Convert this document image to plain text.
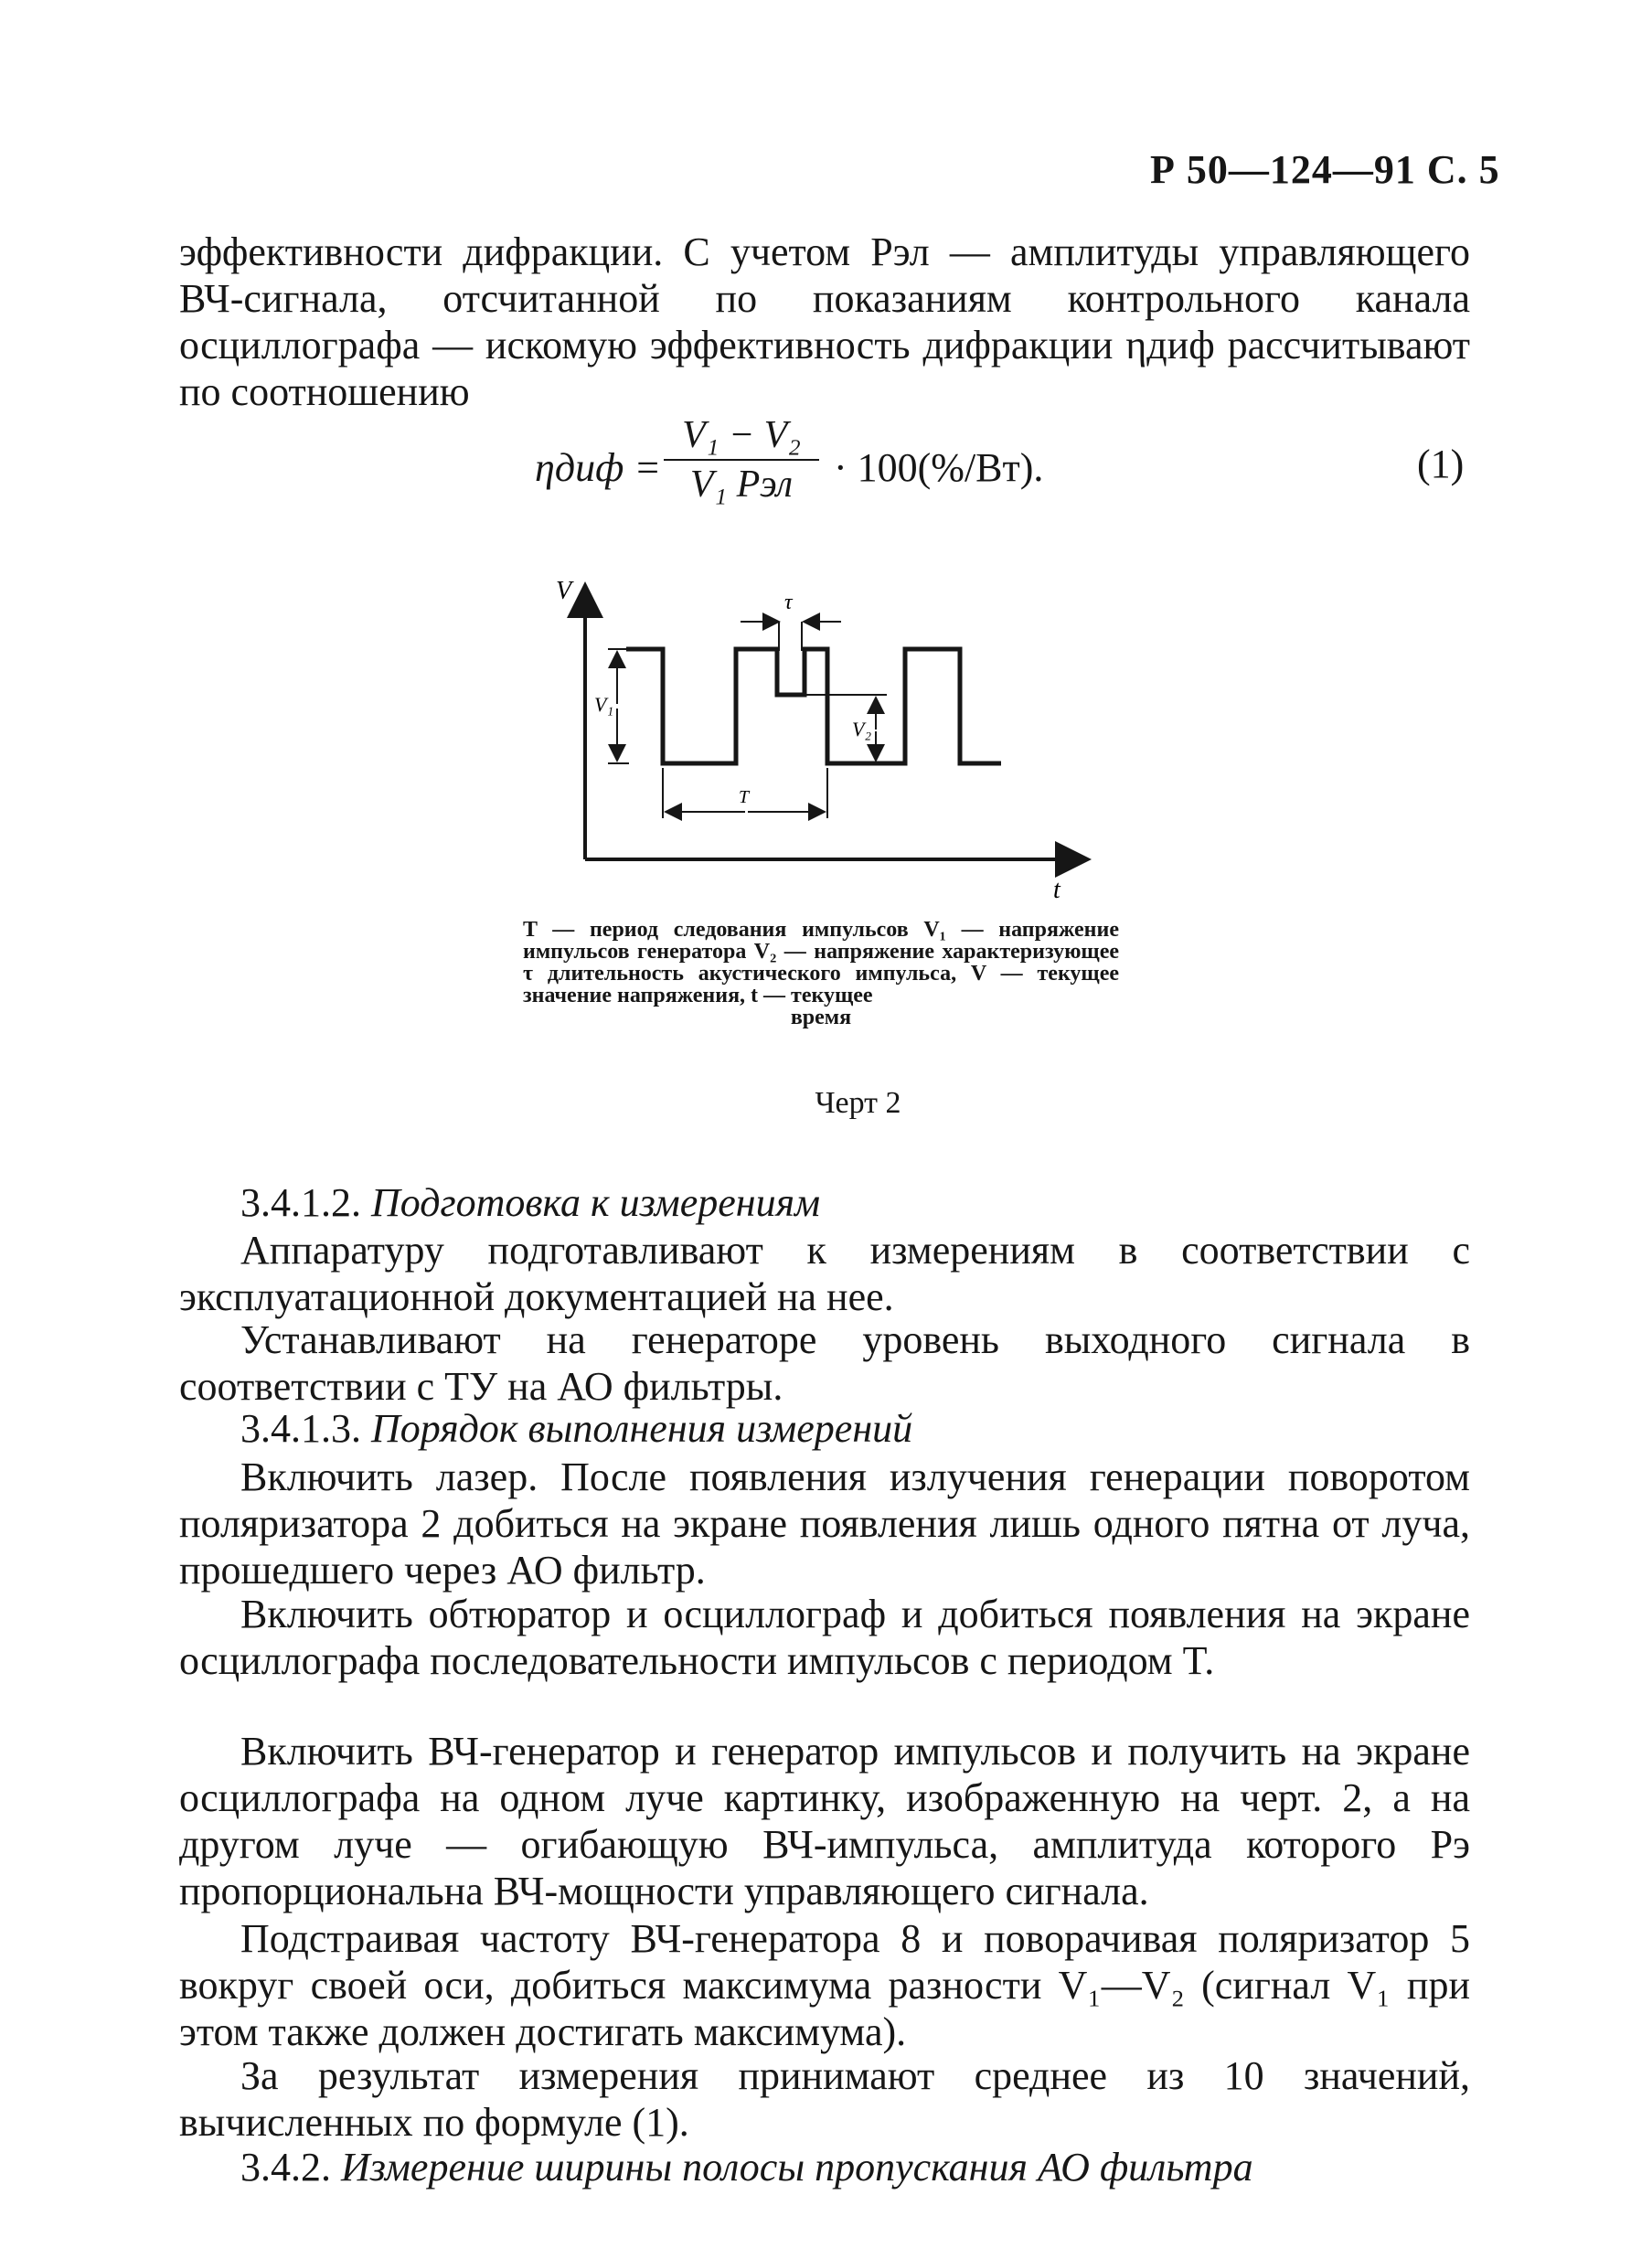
Р 50—124—91 С. 5

эффективности дифракции. С учетом Pэл — амплитуды управляющего ВЧ-сигнала, отсчитанной по показаниям контрольного канала осциллографа — искомую эффективность дифракции ηдиф рассчитывают по соотношению

ηдиф =
V₁ − V₂
V₁ Pэл	· 100(%/Вт).	(1)
V
t
τ
V₁
V₂
T
T — период следования импульсов V₁ — напряжение импульсов генератора V₂ — напряжение характеризующее τ длительность акустического импульса, V — текущее значение напряжения, t — текущее
время
Черт 2
3.4.1.2. Подготовка к измерениям

Аппаратуру подготавливают к измерениям в соответствии с эксплуатационной документацией на нее.

Устанавливают на генераторе уровень выходного сигнала в соответствии с ТУ на АО фильтры.

3.4.1.3. Порядок выполнения измерений

Включить лазер. После появления излучения генерации поворотом поляризатора 2 добиться на экране появления лишь одного пятна от луча, прошедшего через АО фильтр.

Включить обтюратор и осциллограф и добиться появления на экране осциллографа последовательности импульсов с периодом T.

Включить ВЧ-генератор и генератор импульсов и получить на экране осциллографа на одном луче картинку, изображенную на черт. 2, а на другом луче — огибающую ВЧ-импульса, амплитуда которого Pэ пропорциональна ВЧ-мощности управляющего сигнала.

Подстраивая частоту ВЧ-генератора 8 и поворачивая поляризатор 5 вокруг своей оси, добиться максимума разности V₁—V₂ (сигнал V₁ при этом также должен достигать максимума).

За результат измерения принимают среднее из 10 значений, вычисленных по формуле (1).

3.4.2. Измерение ширины полосы пропускания АО фильтра
